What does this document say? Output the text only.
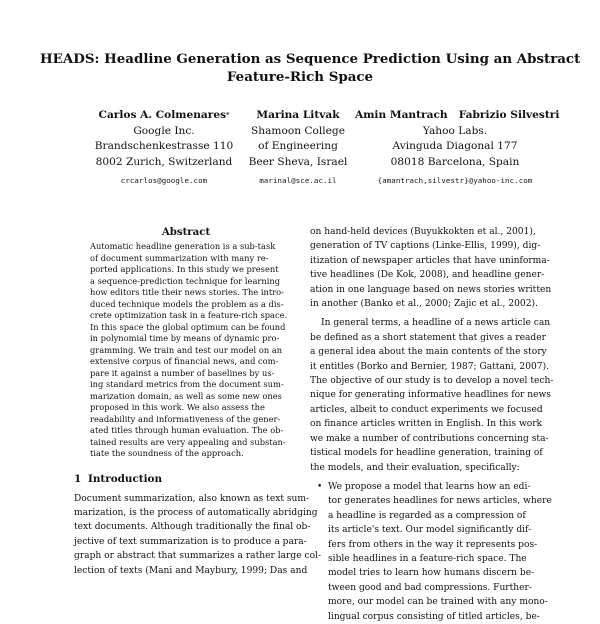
HEADS: Headline Generation as Sequence Prediction Using an Abstract
Feature-Rich Space
Carlos A. Colmenares*
Google Inc.
Brandschenkestrasse 110
8002 Zurich, Switzerland
crcarlos@google.com
Marina Litvak
Shamoon College
of Engineering
Beer Sheva, Israel
marinal@sce.ac.il
Amin Mantrach   Fabrizio Silvestri
Yahoo Labs.
Avinguda Diagonal 177
08018 Barcelona, Spain
{amantrach,silvestr}@yahoo-inc.com
Abstract
Automatic headline generation is a sub-task
of document summarization with many re-
ported applications. In this study we present
a sequence-prediction technique for learning
how editors title their news stories. The intro-
duced technique models the problem as a dis-
crete optimization task in a feature-rich space.
In this space the global optimum can be found
in polynomial time by means of dynamic pro-
gramming. We train and test our model on an
extensive corpus of financial news, and com-
pare it against a number of baselines by us-
ing standard metrics from the document sum-
marization domain, as well as some new ones
proposed in this work. We also assess the
readability and informativeness of the gener-
ated titles through human evaluation. The ob-
tained results are very appealing and substan-
tiate the soundness of the approach.
1 Introduction
Document summarization, also known as text sum-
marization, is the process of automatically abridging
text documents. Although traditionally the final ob-
jective of text summarization is to produce a para-
graph or abstract that summarizes a rather large col-
lection of texts (Mani and Maybury, 1999; Das and
on hand-held devices (Buyukkokten et al., 2001),
generation of TV captions (Linke-Ellis, 1999), dig-
itization of newspaper articles that have uninforma-
tive headlines (De Kok, 2008), and headline gener-
ation in one language based on news stories written
in another (Banko et al., 2000; Zajic et al., 2002).
In general terms, a headline of a news article can
be defined as a short statement that gives a reader
a general idea about the main contents of the story
it entitles (Borko and Bernier, 1987; Gattani, 2007).
The objective of our study is to develop a novel tech-
nique for generating informative headlines for news
articles, albeit to conduct experiments we focused
on finance articles written in English. In this work
we make a number of contributions concerning sta-
tistical models for headline generation, training of
the models, and their evaluation, specifically:
• We propose a model that learns how an edi-
tor generates headlines for news articles, where
a headline is regarded as a compression of
its article's text. Our model significantly dif-
fers from others in the way it represents pos-
sible headlines in a feature-rich space. The
model tries to learn how humans discern be-
tween good and bad compressions. Further-
more, our model can be trained with any mono-
lingual corpus consisting of titled articles, be-
